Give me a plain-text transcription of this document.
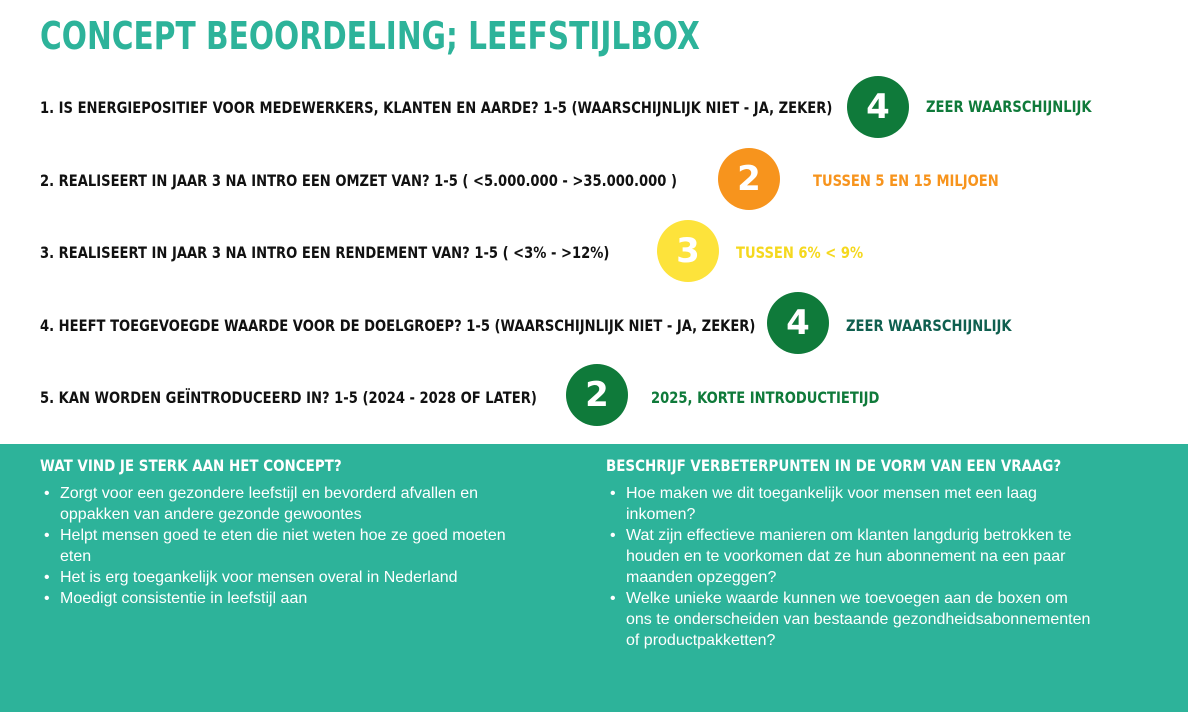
CONCEPT BEOORDELING; LEEFSTIJLBOX
1. IS ENERGIEPOSITIEF VOOR MEDEWERKERS, KLANTEN EN AARDE? 1-5 (WAARSCHIJNLIJK NIET - JA, ZEKER) 4	ZEER WAARSCHIJNLIJK
2. REALISEERT IN JAAR 3 NA INTRO EEN OMZET VAN? 1-5 ( <5.000.000 - >35.000.000 )	2	TUSSEN 5 EN 15 MILJOEN
3. REALISEERT IN JAAR 3 NA INTRO EEN RENDEMENT VAN? 1-5 ( <3% - >12%)	3	TUSSEN 6% < 9%
4. HEEFT TOEGEVOEGDE WAARDE VOOR DE DOELGROEP? 1-5 (WAARSCHIJNLIJK NIET - JA, ZEKER) 4	ZEER WAARSCHIJNLIJK
5. KAN WORDEN GEÏNTRODUCEERD IN? 1-5 (2024 - 2028 OF LATER)	2	2025, KORTE INTRODUCTIETIJD
WAT VIND JE STERK AAN HET CONCEPT?
• Zorgt voor een gezondere leefstijl en bevorderd afvallen en oppakken van andere gezonde gewoontes
• Helpt mensen goed te eten die niet weten hoe ze goed moeten eten
• Het is erg toegankelijk voor mensen overal in Nederland
• Moedigt consistentie in leefstijl aan
BESCHRIJF VERBETERPUNTEN IN DE VORM VAN EEN VRAAG?
• Hoe maken we dit toegankelijk voor mensen met een laag inkomen?
• Wat zijn effectieve manieren om klanten langdurig betrokken te houden en te voorkomen dat ze hun abonnement na een paar maanden opzeggen?
• Welke unieke waarde kunnen we toevoegen aan de boxen om ons te onderscheiden van bestaande gezondheidsabonnementen of productpakketten?
